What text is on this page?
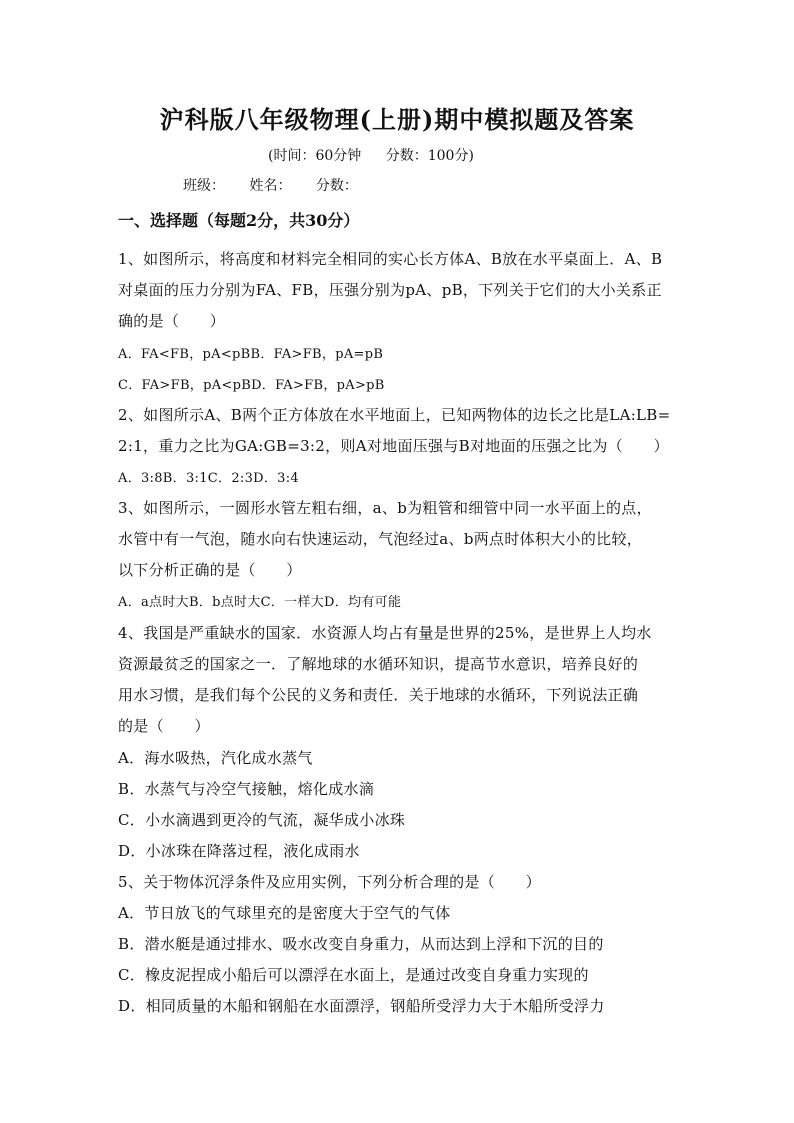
沪科版八年级物理(上册)期中模拟题及答案
(时间：60分钟 分数：100分)
班级： 姓名： 分数：
一、选择题（每题2分，共30分）
1、如图所示，将高度和材料完全相同的实心长方体A、B放在水平桌面上．A、B
对桌面的压力分别为FA、FB，压强分别为pA、pB，下列关于它们的大小关系正
确的是（　　）
A．FA<FB，pA<pBB．FA>FB，pA=pB
C．FA>FB，pA<pBD．FA>FB，pA>pB
2、如图所示A、B两个正方体放在水平地面上，已知两物体的边长之比是LA:LB=
2:1，重力之比为GA:GB=3:2，则A对地面压强与B对地面的压强之比为（　　）
A．3:8B．3:1C．2:3D．3:4
3、如图所示，一圆形水管左粗右细，a、b为粗管和细管中同一水平面上的点，
水管中有一气泡，随水向右快速运动，气泡经过a、b两点时体积大小的比较，
以下分析正确的是（　　）
A．a点时大B．b点时大C．一样大D．均有可能
4、我国是严重缺水的国家．水资源人均占有量是世界的25%，是世界上人均水
资源最贫乏的国家之一．了解地球的水循环知识，提高节水意识，培养良好的
用水习惯，是我们每个公民的义务和责任．关于地球的水循环，下列说法正确
的是（　　）
A．海水吸热，汽化成水蒸气
B．水蒸气与冷空气接触，熔化成水滴
C．小水滴遇到更冷的气流，凝华成小冰珠
D．小冰珠在降落过程，液化成雨水
5、关于物体沉浮条件及应用实例，下列分析合理的是（　　）
A．节日放飞的气球里充的是密度大于空气的气体
B．潜水艇是通过排水、吸水改变自身重力，从而达到上浮和下沉的目的
C．橡皮泥捏成小船后可以漂浮在水面上，是通过改变自身重力实现的
D．相同质量的木船和钢船在水面漂浮，钢船所受浮力大于木船所受浮力
